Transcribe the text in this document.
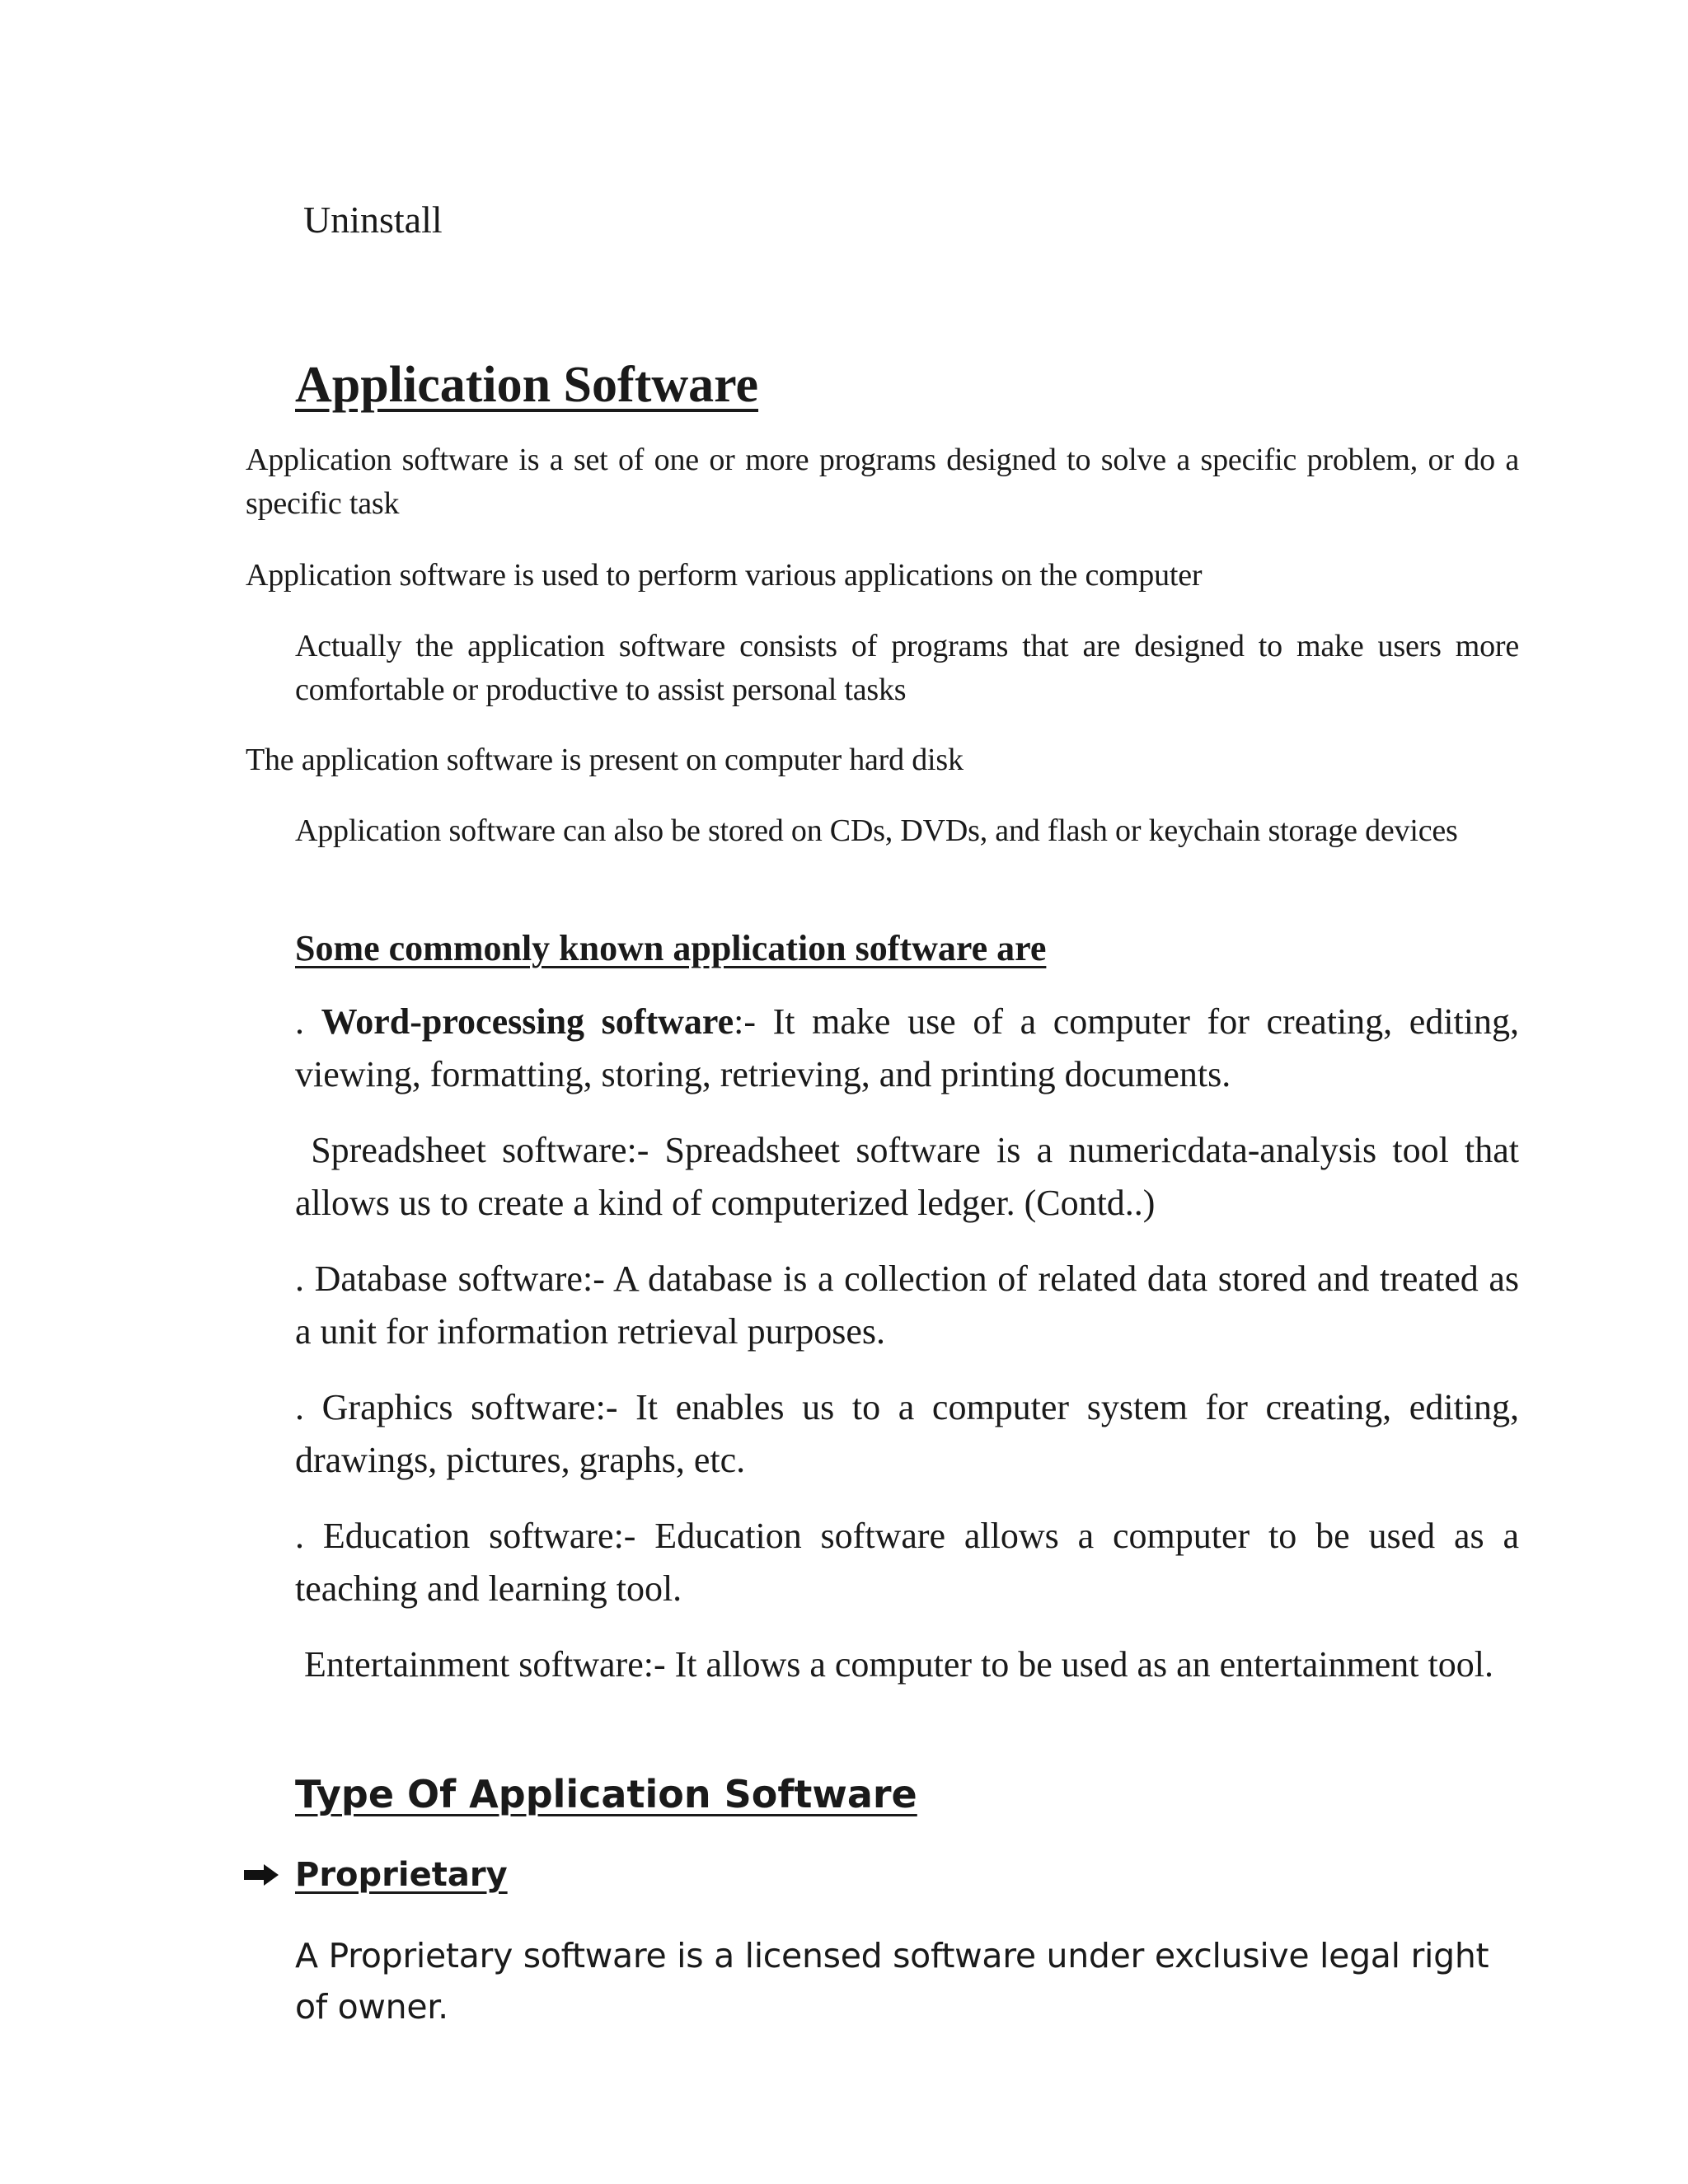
Uninstall

Application Software

Application software is a set of one or more programs designed to solve a specific problem, or do a specific task

Application software is used to perform various applications on the computer

Actually the application software consists of programs that are designed to make users more comfortable or productive to assist personal tasks

The application software is present on computer hard disk

Application software can also be stored on CDs, DVDs, and flash or keychain storage devices

Some commonly known application software are

. Word-processing software:- It make use of a computer for creating, editing, viewing, formatting, storing, retrieving, and printing documents.

Spreadsheet software:- Spreadsheet software is a numericdata-analysis tool that allows us to create a kind of computerized ledger. (Contd..)

. Database software:- A database is a collection of related data stored and treated as a unit for information retrieval purposes.

. Graphics software:- It enables us to a computer system for creating, editing, drawings, pictures, graphs, etc.

. Education software:- Education software allows a computer to be used as a teaching and learning tool.

Entertainment software:- It allows a computer to be used as an entertainment tool.

Type Of Application Software
Proprietary

A Proprietary software is a licensed software under exclusive legal right of owner.
